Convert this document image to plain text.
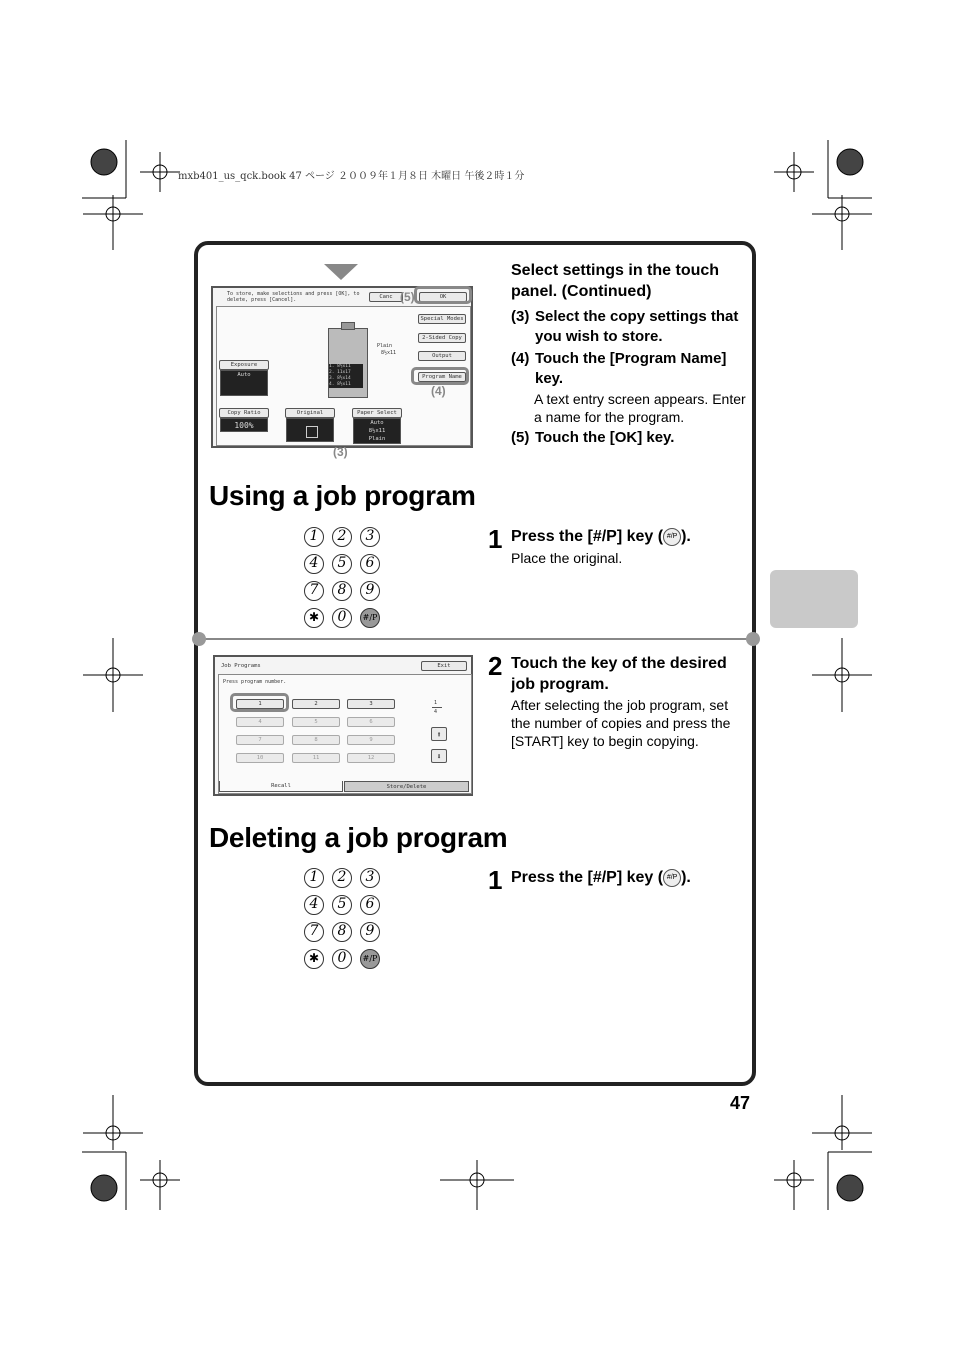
mxb401_us_qck.book 47 ページ ２００９年１月８日 木曜日 午後２時１分
To store, make selections and press [OK], to delete, press [Cancel].	Canc	OK
Special Modes
2-Sided Copy
Output
Program Name
1. 8½x11
2. 11x17
3. 8½x14
4. 8½x11
Plain
8½x11
Exposure
Auto
Copy Ratio
100%
Original	Paper Select
Auto
8½x11
Plain
(5)
(4)
(3)
Select settings in the touch panel. (Continued)
(3) Select the copy settings that you wish to store.
(4) Touch the [Program Name] key.
A text entry screen appears. Enter a name for the program.
(5) Touch the [OK] key.
Using a job program
1	2	3
4	5	6
7	8	9
✱	0	#/P
1 Press the [#/P] key ( #/P ).
Place the original.
Job Programs	Exit
Press program number.
1	2	3
4	5	6
7	8	9
10	11	12
1
4
⬆
⬇
Recall	Store/Delete
2 Touch the key of the desired job program.
After selecting the job program, set the number of copies and press the [START] key to begin copying.
Deleting a job program
1	2	3
4	5	6
7	8	9
✱	0	#/P
1 Press the [#/P] key ( #/P ).
47
